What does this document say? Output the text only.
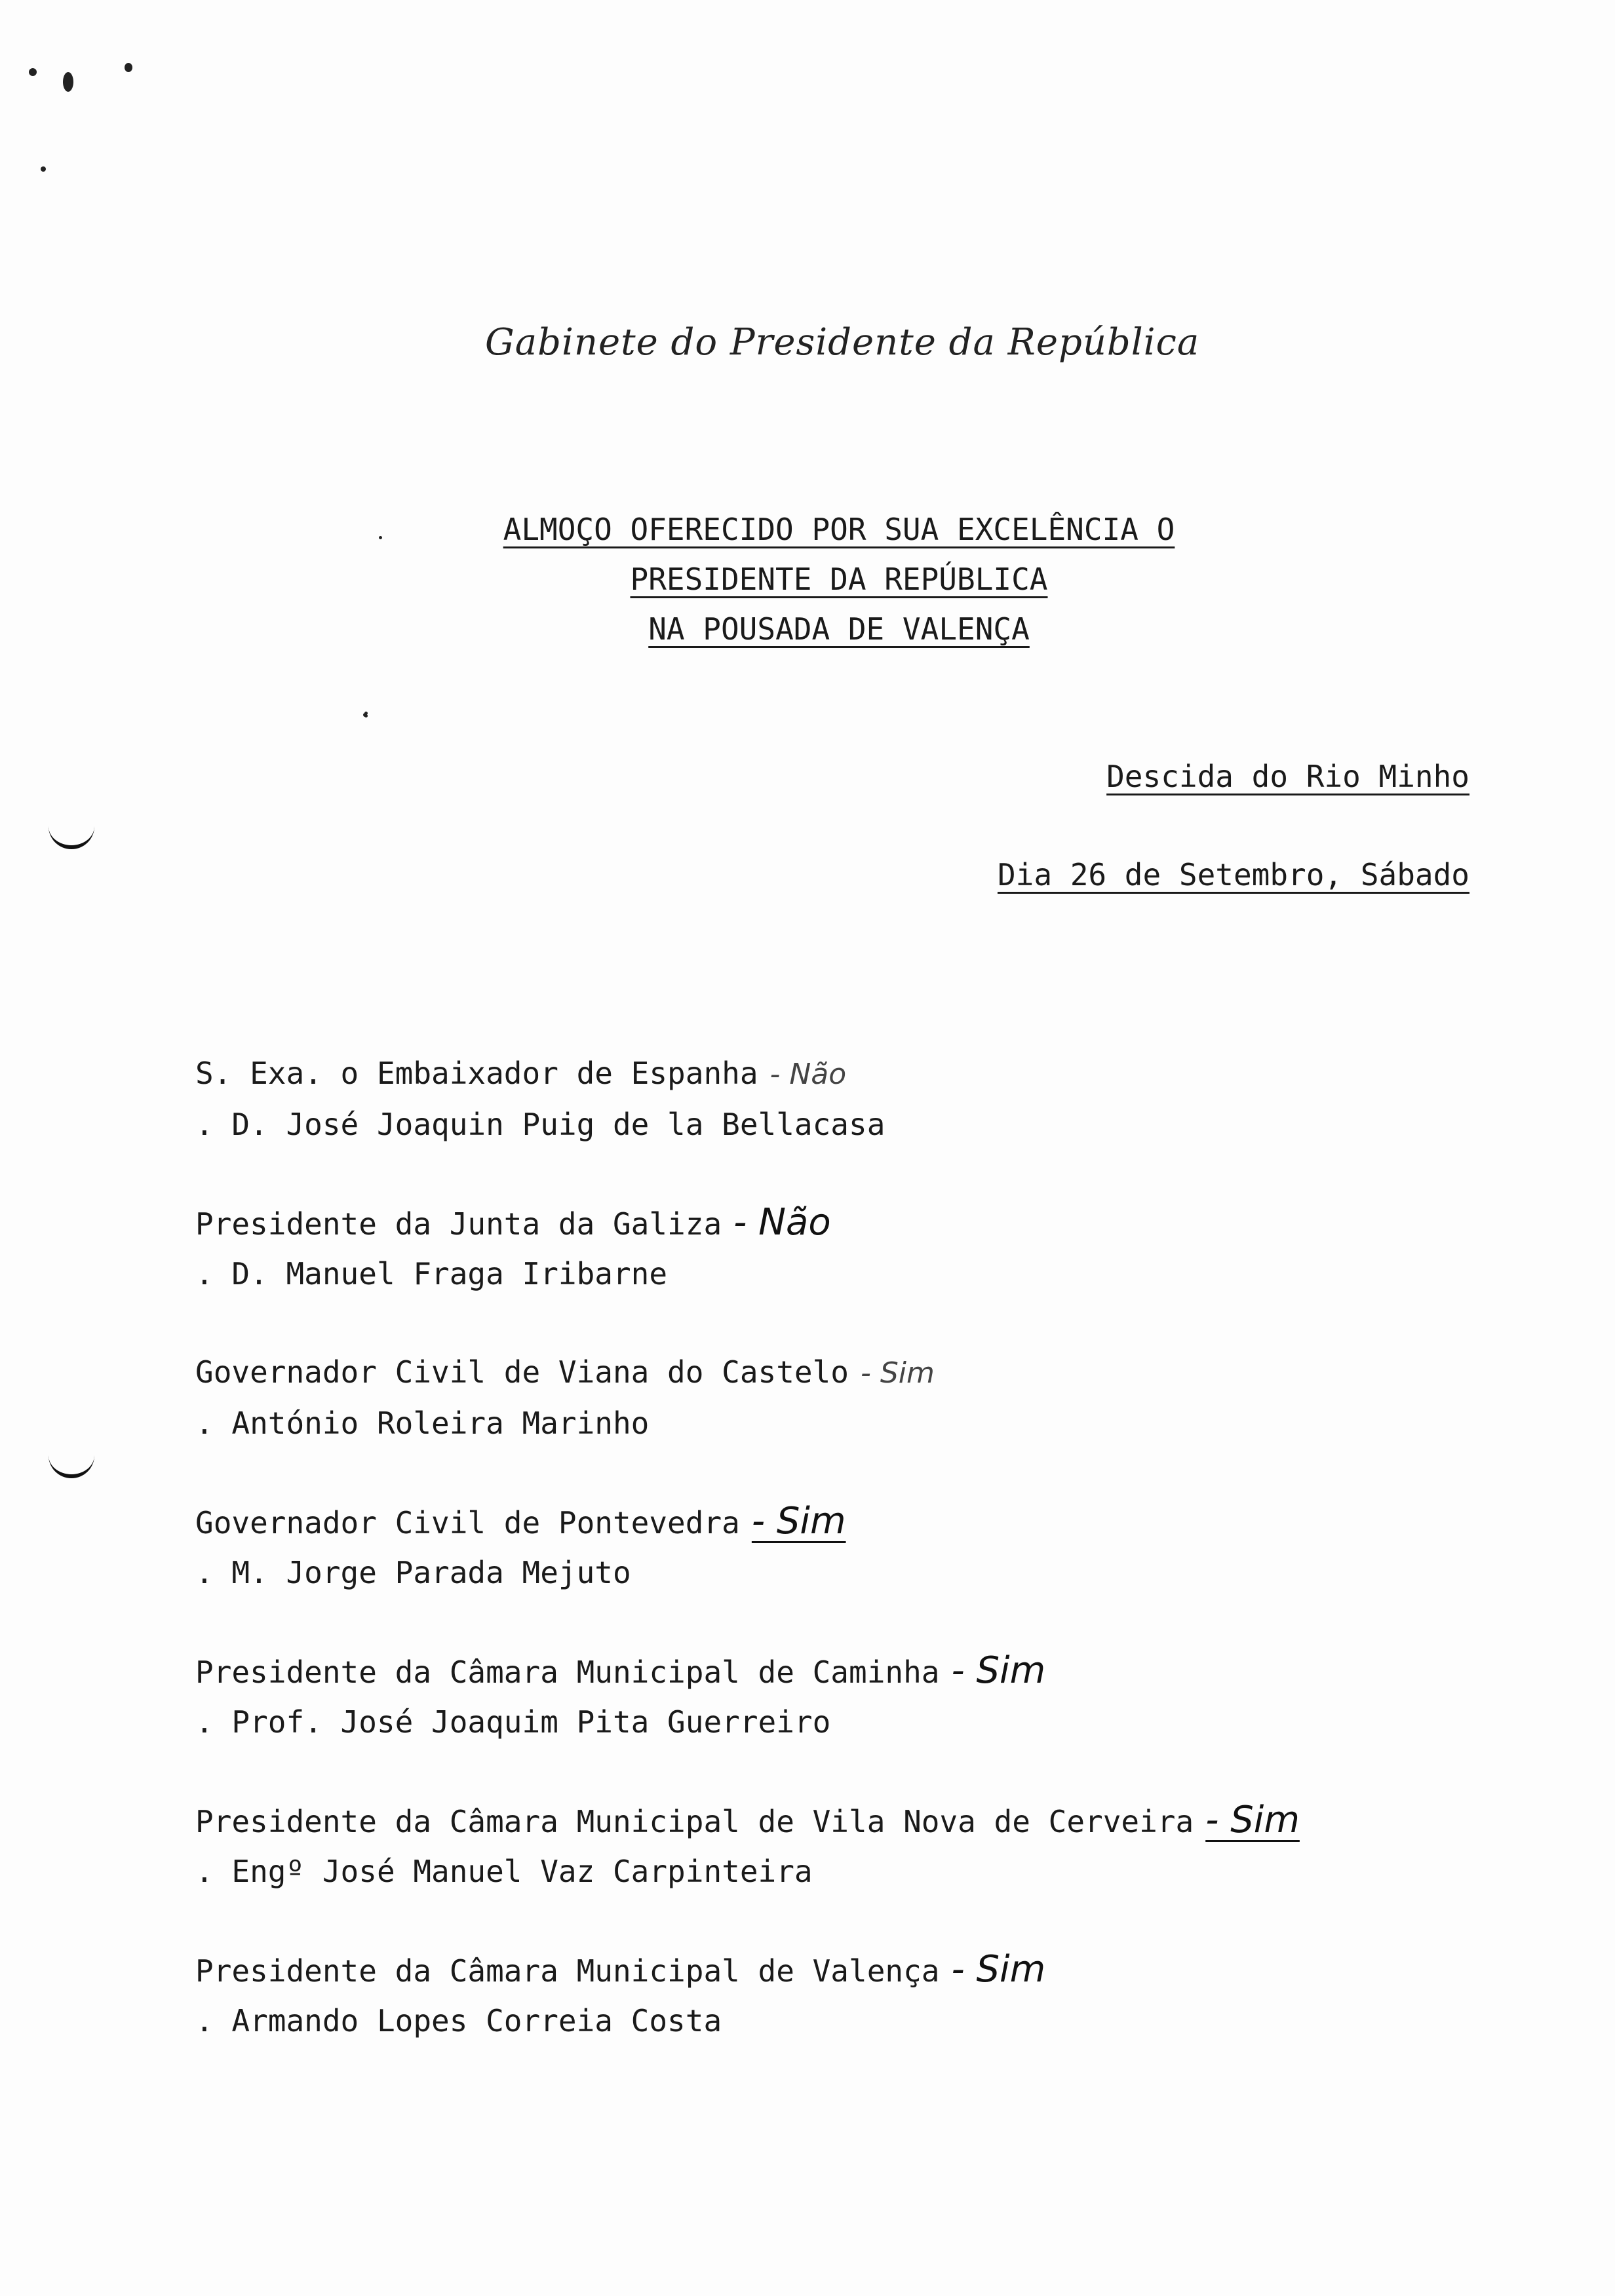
Gabinete do Presidente da República
ALMOÇO OFERECIDO POR SUA EXCELÊNCIA O
PRESIDENTE DA REPÚBLICA
NA POUSADA DE VALENÇA
Descida do Rio Minho
Dia 26 de Setembro, Sábado
S. Exa. o Embaixador de Espanha - Não
. D. José Joaquin Puig de la Bellacasa
Presidente da Junta da Galiza - Não
. D. Manuel Fraga Iribarne
Governador Civil de Viana do Castelo - Sim
. António Roleira Marinho
Governador Civil de Pontevedra - Sim
. M. Jorge Parada Mejuto
Presidente da Câmara Municipal de Caminha - Sim
. Prof. José Joaquim Pita Guerreiro
Presidente da Câmara Municipal de Vila Nova de Cerveira - Sim
. Engº José Manuel Vaz Carpinteira
Presidente da Câmara Municipal de Valença - Sim
. Armando Lopes Correia Costa
